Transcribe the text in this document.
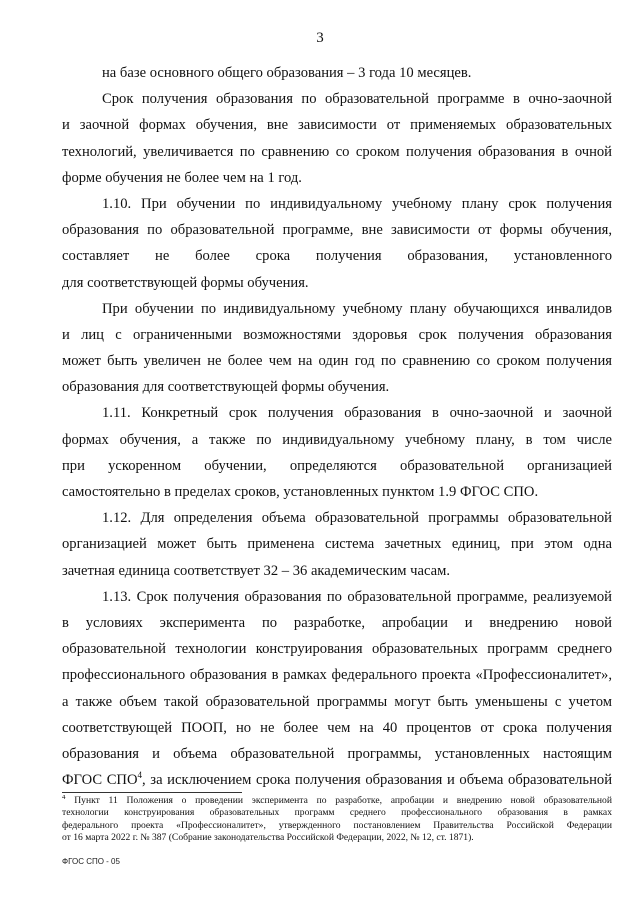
3
на базе основного общего образования – 3 года 10 месяцев.
Срок получения образования по образовательной программе в очно-заочной
и заочной формах обучения, вне зависимости от применяемых образовательных
технологий, увеличивается по сравнению со сроком получения образования в очной
форме обучения не более чем на 1 год.
1.10. При обучении по индивидуальному учебному плану срок получения
образования по образовательной программе, вне зависимости от формы обучения,
составляет не более срока получения образования, установленного
для соответствующей формы обучения.
При обучении по индивидуальному учебному плану обучающихся инвалидов
и лиц с ограниченными возможностями здоровья срок получения образования
может быть увеличен не более чем на один год по сравнению со сроком получения
образования для соответствующей формы обучения.
1.11. Конкретный срок получения образования в очно-заочной и заочной
формах обучения, а также по индивидуальному учебному плану, в том числе
при ускоренном обучении, определяются образовательной организацией
самостоятельно в пределах сроков, установленных пунктом 1.9 ФГОС СПО.
1.12. Для определения объема образовательной программы образовательной
организацией может быть применена система зачетных единиц, при этом одна
зачетная единица соответствует 32 – 36 академическим часам.
1.13. Срок получения образования по образовательной программе, реализуемой
в условиях эксперимента по разработке, апробации и внедрению новой
образовательной технологии конструирования образовательных программ среднего
профессионального образования в рамках федерального проекта «Профессионалитет»,
а также объем такой образовательной программы могут быть уменьшены с учетом
соответствующей ПООП, но не более чем на 40 процентов от срока получения
образования и объема образовательной программы, установленных настоящим
ФГОС СПО$^4$, за исключением срока получения образования и объема образовательной
$^4$ Пункт 11 Положения о проведении эксперимента по разработке, апробации и внедрению новой образовательной
технологии конструирования образовательных программ среднего профессионального образования в рамках
федерального проекта «Профессионалитет», утвержденного постановлением Правительства Российской Федерации
от 16 марта 2022 г. № 387 (Собрание законодательства Российской Федерации, 2022, № 12, ст. 1871).
ФГОС СПО - 05
